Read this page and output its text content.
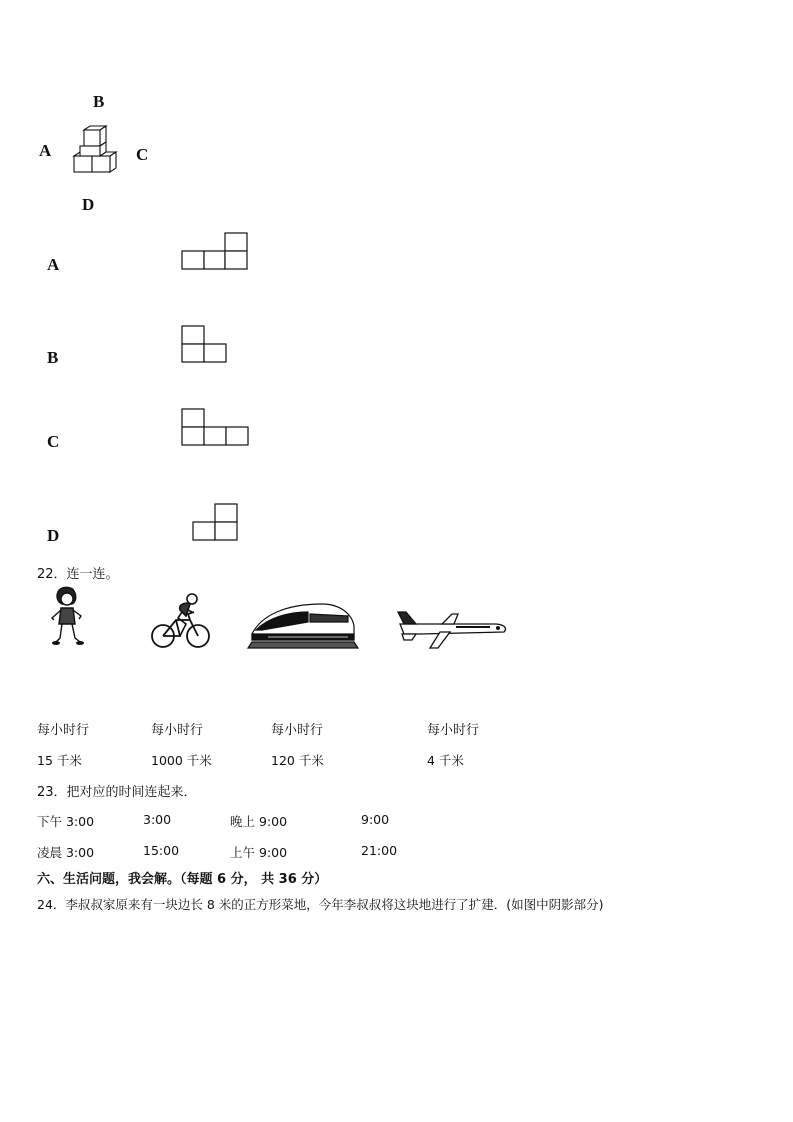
B
A	C
D
A
B
C
D
22．连一连。
每小时行
15 千米
每小时行
1000 千米
每小时行
120 千米
每小时行
4 千米
23．把对应的时间连起来．
下午 3:00	3:00	晚上 9:00	9:00
凌晨 3:00	15:00	上午 9:00	21:00
六、生活问题，我会解。（每题 6 分， 共 36 分）
24．李叔叔家原来有一块边长 8 米的正方形菜地，今年李叔叔将这块地进行了扩建．(如图中阴影部分)
